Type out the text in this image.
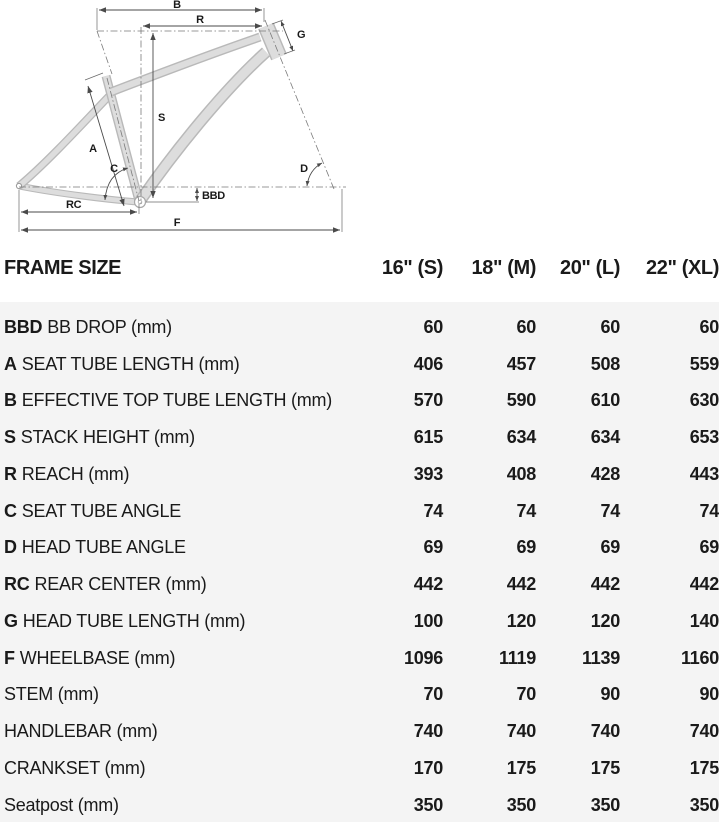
B
R
G
S
A
C	D
BBD
RC
F
FRAME SIZE	16" (S)	18" (M)	20" (L)	22" (XL)
BBD BB DROP (mm)	60	60	60	60
A SEAT TUBE LENGTH (mm)	406	457	508	559
B EFFECTIVE TOP TUBE LENGTH (mm)	570	590	610	630
S STACK HEIGHT (mm)	615	634	634	653
R REACH (mm)	393	408	428	443
C SEAT TUBE ANGLE	74	74	74	74
D HEAD TUBE ANGLE	69	69	69	69
RC REAR CENTER (mm)	442	442	442	442
G HEAD TUBE LENGTH (mm)	100	120	120	140
F WHEELBASE (mm)	1096	1119	1139	1160
STEM (mm)	70	70	90	90
HANDLEBAR (mm)	740	740	740	740
CRANKSET (mm)	170	175	175	175
Seatpost (mm)	350	350	350	350
